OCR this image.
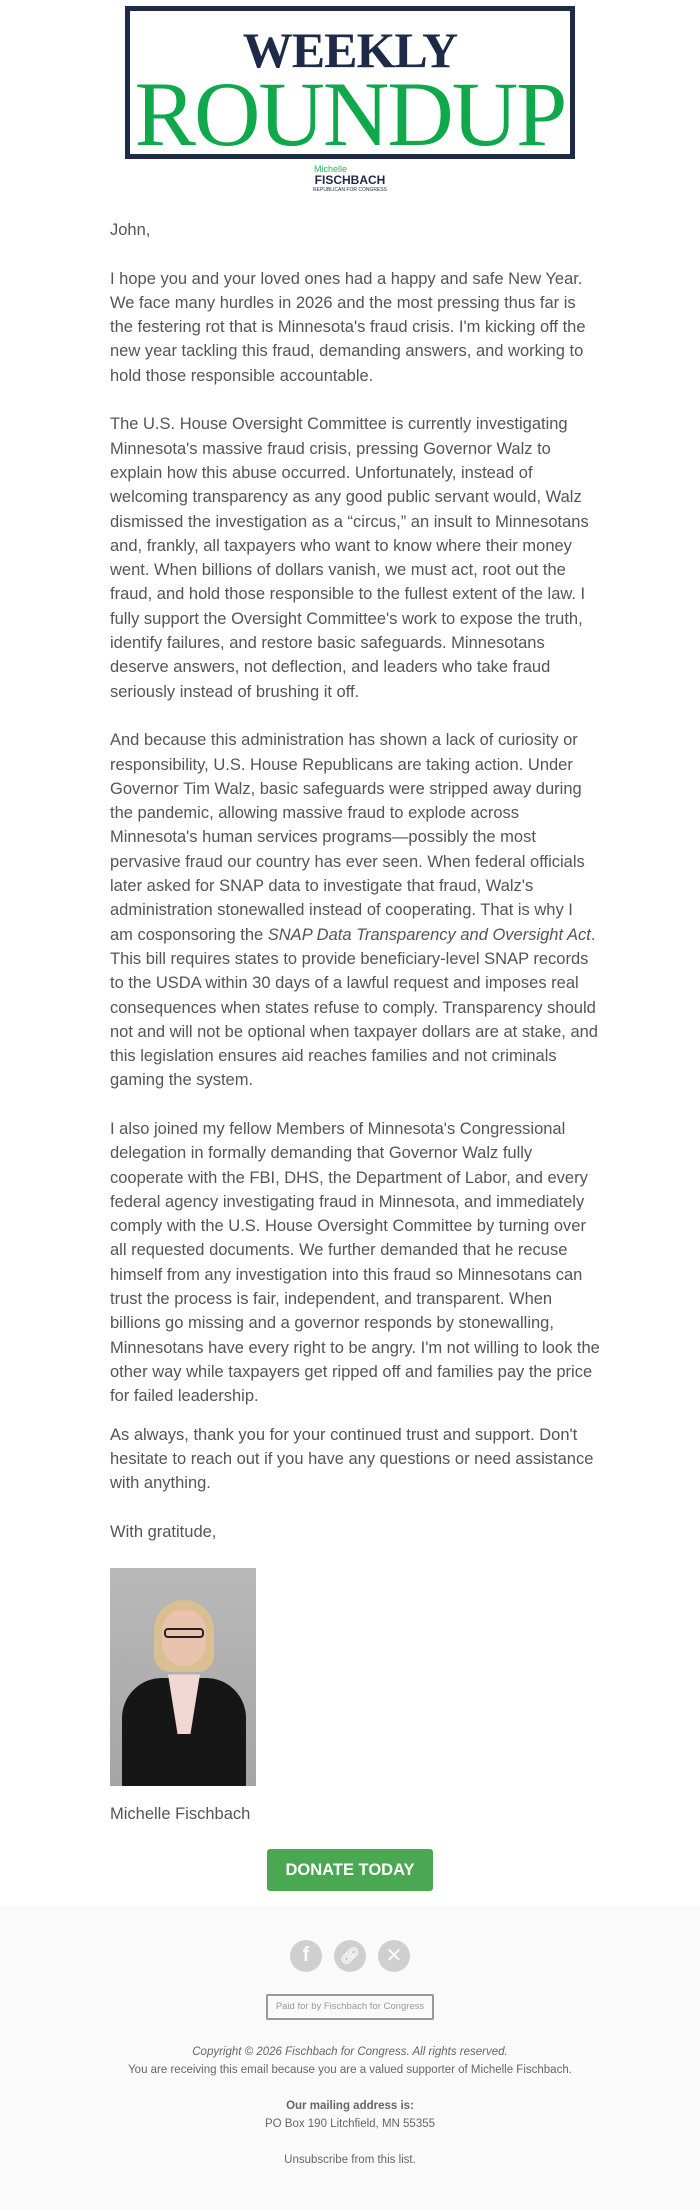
WEEKLY
ROUNDUP
Michelle
FISCHBACH
REPUBLICAN FOR CONGRESS

John,

I hope you and your loved ones had a happy and safe New Year. We face many hurdles in 2026 and the most pressing thus far is the festering rot that is Minnesota's fraud crisis. I'm kicking off the new year tackling this fraud, demanding answers, and working to hold those responsible accountable.

The U.S. House Oversight Committee is currently investigating Minnesota's massive fraud crisis, pressing Governor Walz to explain how this abuse occurred. Unfortunately, instead of welcoming transparency as any good public servant would, Walz dismissed the investigation as a “circus,” an insult to Minnesotans and, frankly, all taxpayers who want to know where their money went. When billions of dollars vanish, we must act, root out the fraud, and hold those responsible to the fullest extent of the law. I fully support the Oversight Committee's work to expose the truth, identify failures, and restore basic safeguards. Minnesotans deserve answers, not deflection, and leaders who take fraud seriously instead of brushing it off.

And because this administration has shown a lack of curiosity or responsibility, U.S. House Republicans are taking action. Under Governor Tim Walz, basic safeguards were stripped away during the pandemic, allowing massive fraud to explode across Minnesota's human services programs—possibly the most pervasive fraud our country has ever seen. When federal officials later asked for SNAP data to investigate that fraud, Walz's administration stonewalled instead of cooperating. That is why I am cosponsoring the SNAP Data Transparency and Oversight Act. This bill requires states to provide beneficiary-level SNAP records to the USDA within 30 days of a lawful request and imposes real consequences when states refuse to comply. Transparency should not and will not be optional when taxpayer dollars are at stake, and this legislation ensures aid reaches families and not criminals gaming the system.

I also joined my fellow Members of Minnesota's Congressional delegation in formally demanding that Governor Walz fully cooperate with the FBI, DHS, the Department of Labor, and every federal agency investigating fraud in Minnesota, and immediately comply with the U.S. House Oversight Committee by turning over all requested documents. We further demanded that he recuse himself from any investigation into this fraud so Minnesotans can trust the process is fair, independent, and transparent. When billions go missing and a governor responds by stonewalling, Minnesotans have every right to be angry. I'm not willing to look the other way while taxpayers get ripped off and families pay the price for failed leadership.

As always, thank you for your continued trust and support. Don't hesitate to reach out if you have any questions or need assistance with anything.

With gratitude,

Michelle Fischbach

DONATE TODAY
f	🔗︎	✕
Paid for by Fischbach for Congress
Copyright © 2026 Fischbach for Congress. All rights reserved.
You are receiving this email because you are a valued supporter of Michelle Fischbach.
Our mailing address is:
PO Box 190 Litchfield, MN 55355
Unsubscribe from this list.
